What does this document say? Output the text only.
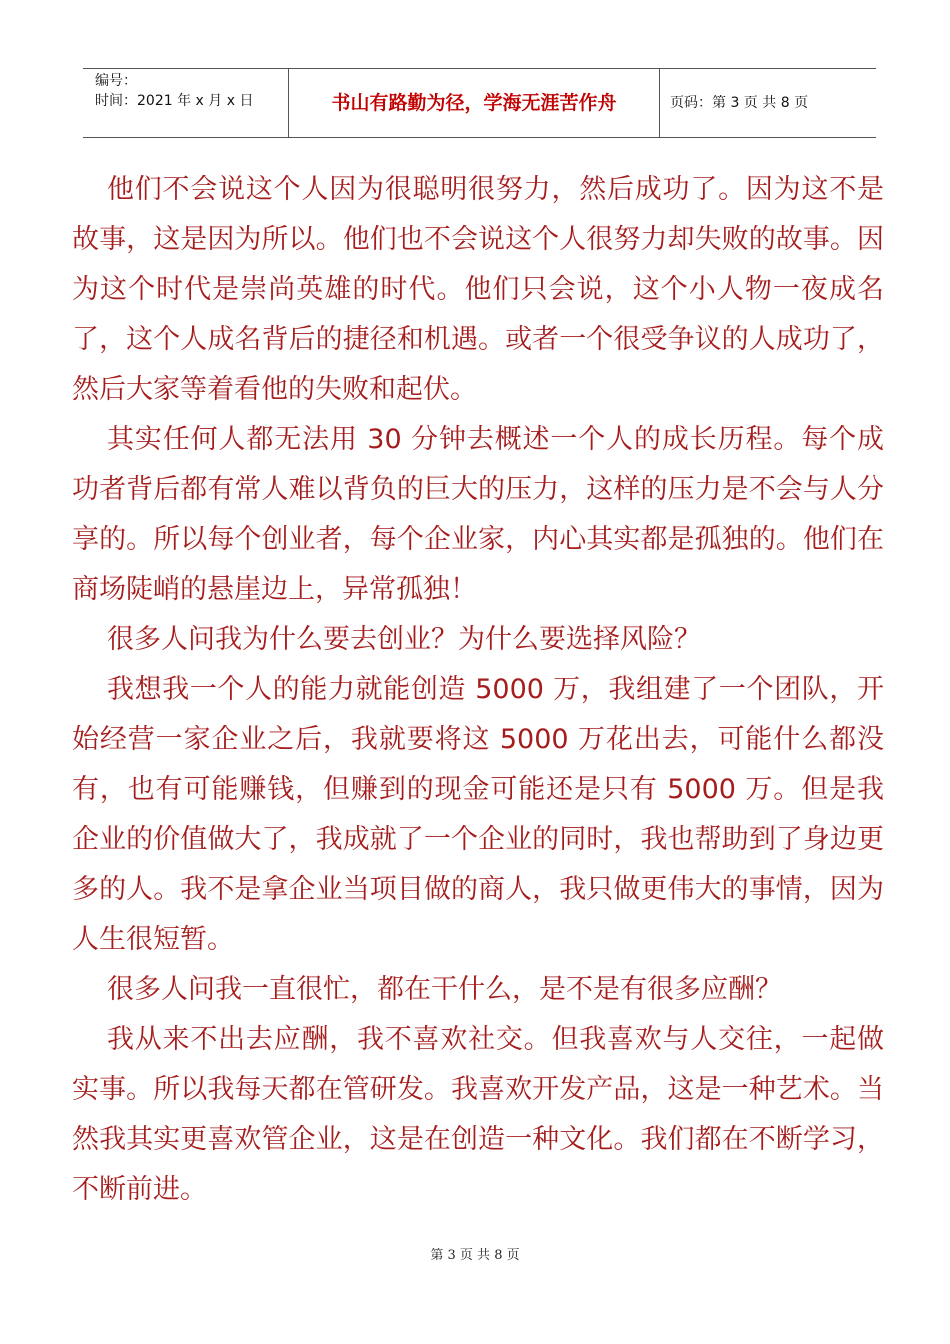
编号：
时间：2021 年 x 月 x 日	书山有路勤为径，学海无涯苦作舟	页码：第 3 页 共 8 页

他们不会说这个人因为很聪明很努力，然后成功了。因为这不是故事，这是因为所以。他们也不会说这个人很努力却失败的故事。因为这个时代是崇尚英雄的时代。他们只会说，这个小人物一夜成名了，这个人成名背后的捷径和机遇。或者一个很受争议的人成功了，然后大家等着看他的失败和起伏。

其实任何人都无法用 30 分钟去概述一个人的成长历程。每个成功者背后都有常人难以背负的巨大的压力，这样的压力是不会与人分享的。所以每个创业者，每个企业家，内心其实都是孤独的。他们在商场陡峭的悬崖边上，异常孤独！

很多人问我为什么要去创业？为什么要选择风险？

我想我一个人的能力就能创造 5000 万，我组建了一个团队，开始经营一家企业之后，我就要将这 5000 万花出去，可能什么都没有，也有可能赚钱，但赚到的现金可能还是只有 5000 万。但是我企业的价值做大了，我成就了一个企业的同时，我也帮助到了身边更多的人。我不是拿企业当项目做的商人，我只做更伟大的事情，因为人生很短暂。

很多人问我一直很忙，都在干什么，是不是有很多应酬？

我从来不出去应酬，我不喜欢社交。但我喜欢与人交往，一起做实事。所以我每天都在管研发。我喜欢开发产品，这是一种艺术。当然我其实更喜欢管企业，这是在创造一种文化。我们都在不断学习，不断前进。

第 3 页 共 8 页
